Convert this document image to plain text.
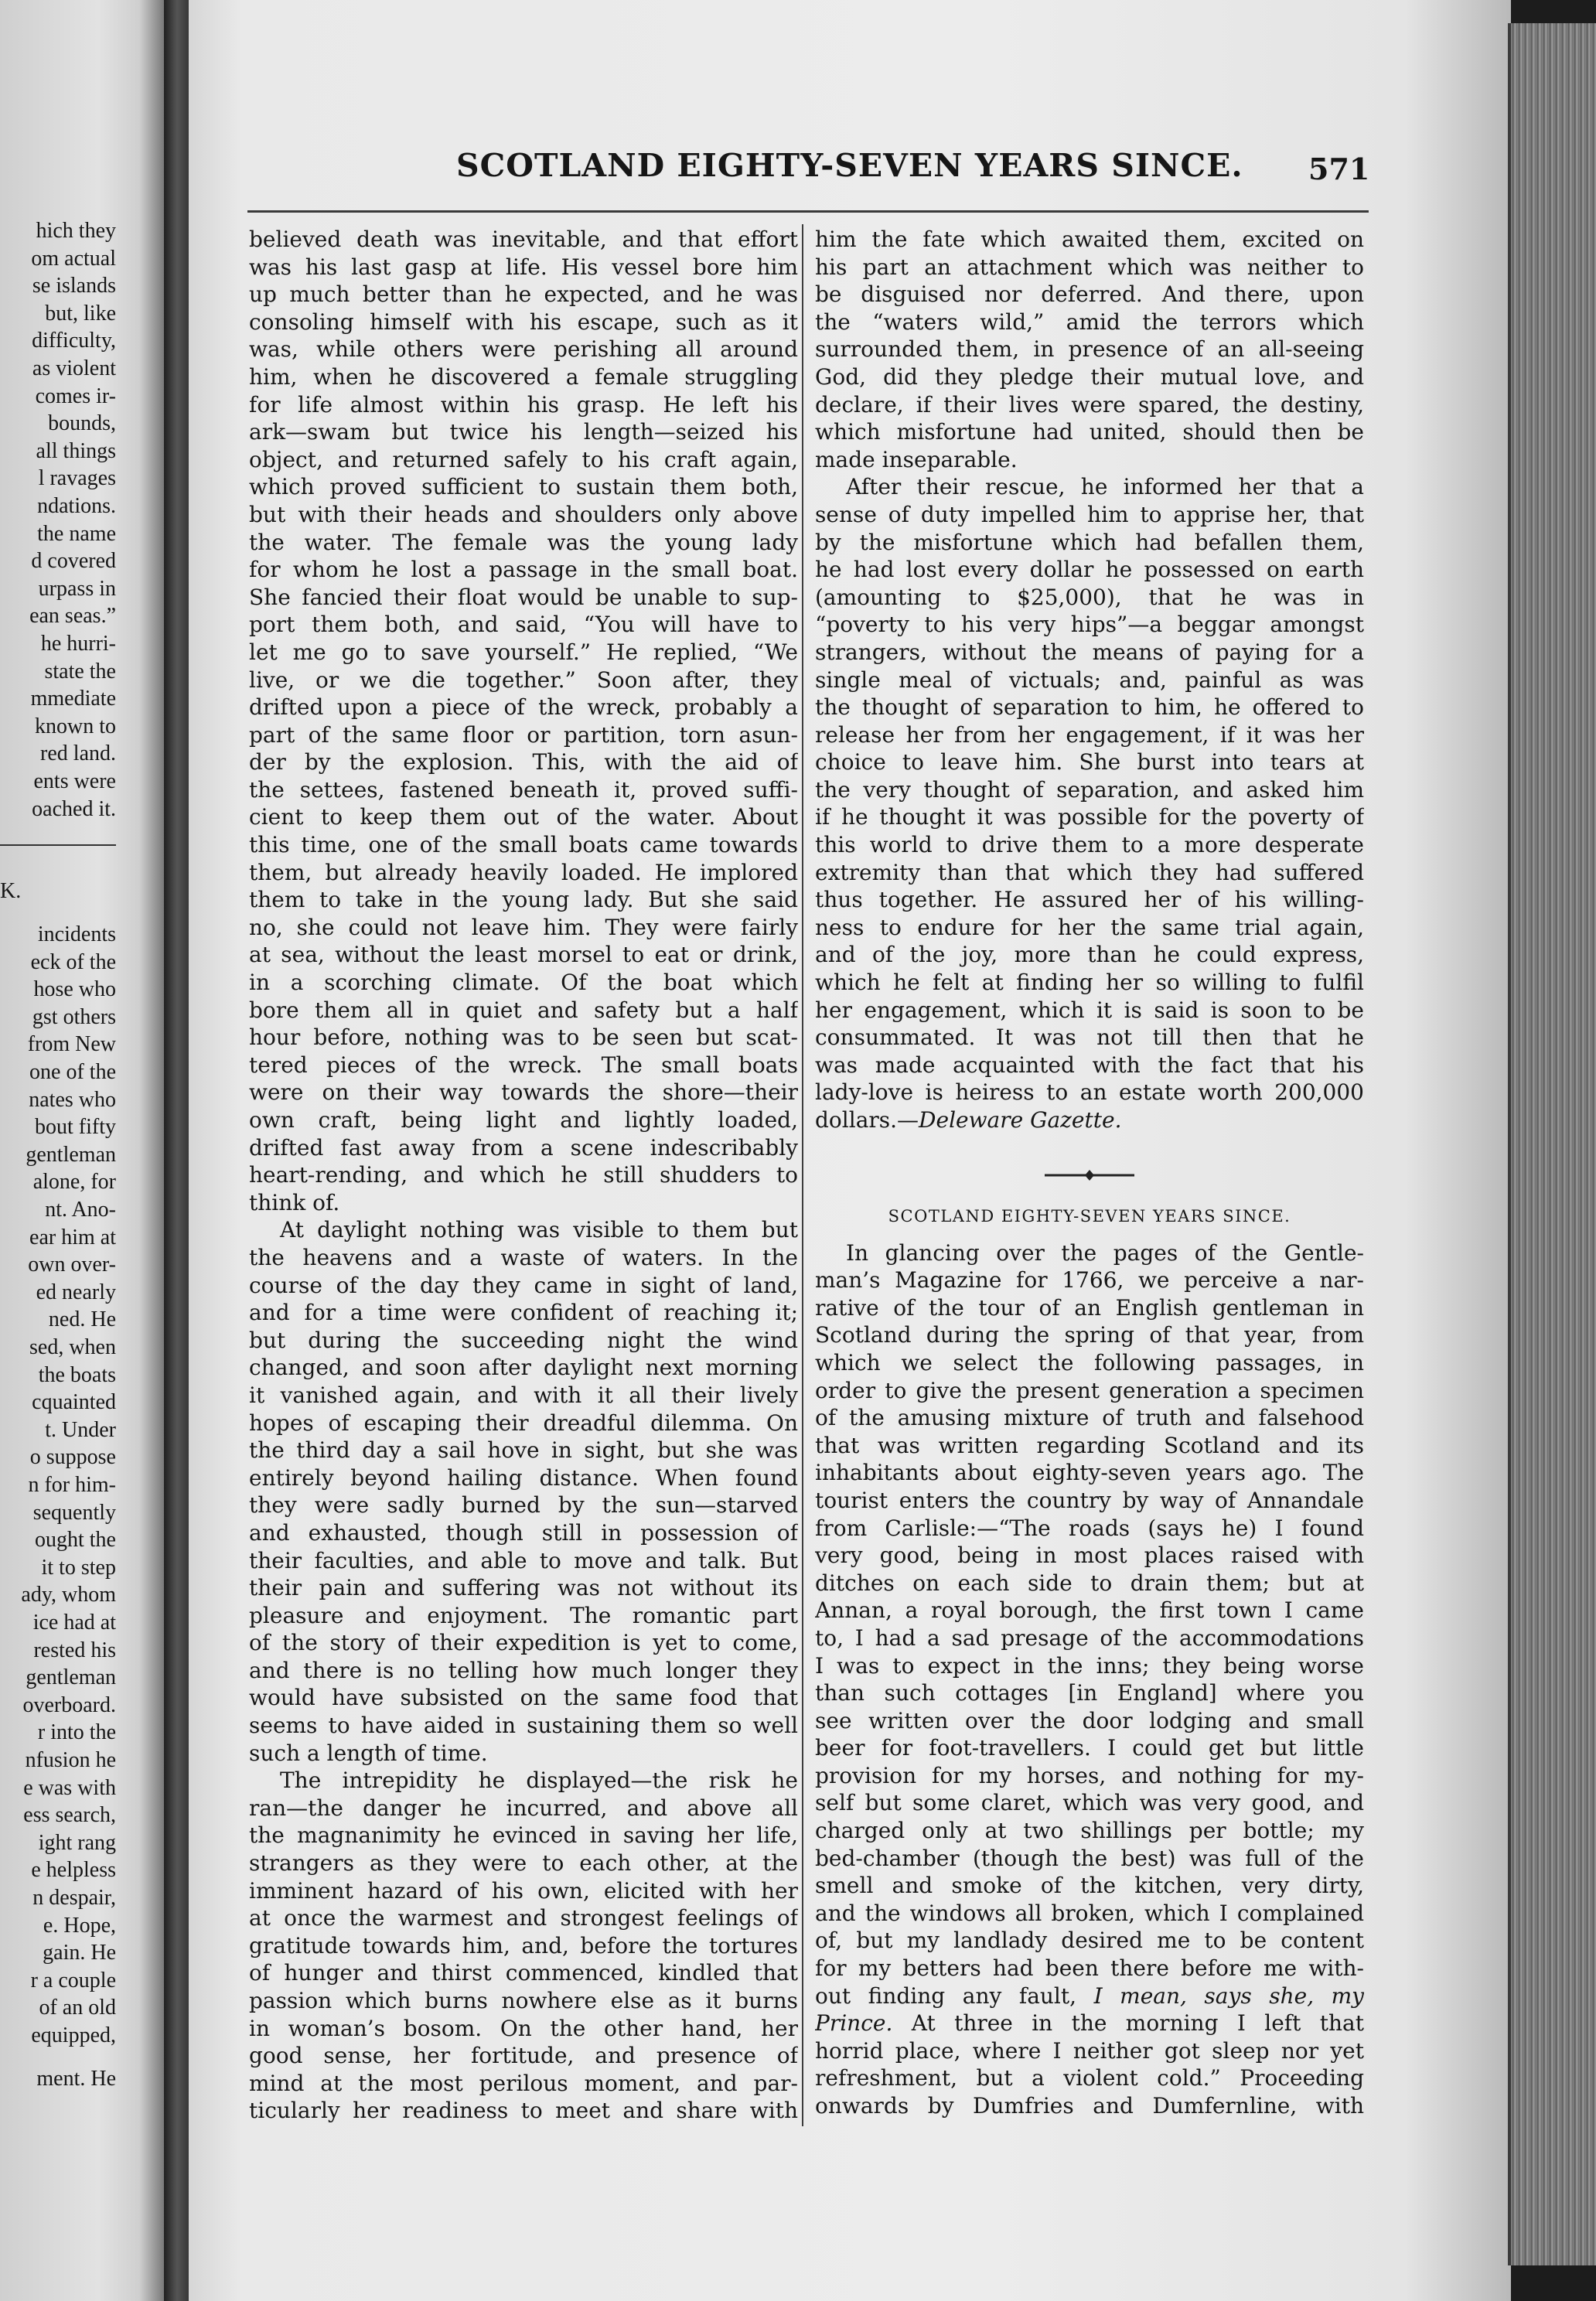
hich they
om actual
se islands
but, like
difficulty,
as violent
comes ir-
bounds,
all things
l ravages
ndations.
the name
d covered
urpass in
ean seas.”
he hurri-
state the
mmediate
known to
red land.
ents were
oached it.
K.
incidents
eck of the
hose who
gst others
from New
one of the
nates who
bout fifty
gentleman
alone, for
nt. Ano-
ear him at
own over-
ed nearly
ned. He
sed, when
the boats
cquainted
t. Under
o suppose
n for him-
sequently
ought the
it to step
ady, whom
ice had at
rested his
gentleman
overboard.
r into the
nfusion he
e was with
ess search,
ight rang
e helpless
n despair,
e. Hope,
gain. He
r a couple
of an old
equipped,
ment. He
SCOTLAND EIGHTY-SEVEN YEARS SINCE. 571
believed death was inevitable, and that effort
was his last gasp at life. His vessel bore him
up much better than he expected, and he was
consoling himself with his escape, such as it
was, while others were perishing all around
him, when he discovered a female struggling
for life almost within his grasp. He left his
ark—swam but twice his length—seized his
object, and returned safely to his craft again,
which proved sufficient to sustain them both,
but with their heads and shoulders only above
the water. The female was the young lady
for whom he lost a passage in the small boat.
She fancied their float would be unable to sup-
port them both, and said, “You will have to
let me go to save yourself.” He replied, “We
live, or we die together.” Soon after, they
drifted upon a piece of the wreck, probably a
part of the same floor or partition, torn asun-
der by the explosion. This, with the aid of
the settees, fastened beneath it, proved suffi-
cient to keep them out of the water. About
this time, one of the small boats came towards
them, but already heavily loaded. He implored
them to take in the young lady. But she said
no, she could not leave him. They were fairly
at sea, without the least morsel to eat or drink,
in a scorching climate. Of the boat which
bore them all in quiet and safety but a half
hour before, nothing was to be seen but scat-
tered pieces of the wreck. The small boats
were on their way towards the shore—their
own craft, being light and lightly loaded,
drifted fast away from a scene indescribably
heart-rending, and which he still shudders to
think of.
At daylight nothing was visible to them but
the heavens and a waste of waters. In the
course of the day they came in sight of land,
and for a time were confident of reaching it;
but during the succeeding night the wind
changed, and soon after daylight next morning
it vanished again, and with it all their lively
hopes of escaping their dreadful dilemma. On
the third day a sail hove in sight, but she was
entirely beyond hailing distance. When found
they were sadly burned by the sun—starved
and exhausted, though still in possession of
their faculties, and able to move and talk. But
their pain and suffering was not without its
pleasure and enjoyment. The romantic part
of the story of their expedition is yet to come,
and there is no telling how much longer they
would have subsisted on the same food that
seems to have aided in sustaining them so well
such a length of time.
The intrepidity he displayed—the risk he
ran—the danger he incurred, and above all
the magnanimity he evinced in saving her life,
strangers as they were to each other, at the
imminent hazard of his own, elicited with her
at once the warmest and strongest feelings of
gratitude towards him, and, before the tortures
of hunger and thirst commenced, kindled that
passion which burns nowhere else as it burns
in woman’s bosom. On the other hand, her
good sense, her fortitude, and presence of
mind at the most perilous moment, and par-
ticularly her readiness to meet and share with
him the fate which awaited them, excited on
his part an attachment which was neither to
be disguised nor deferred. And there, upon
the “waters wild,” amid the terrors which
surrounded them, in presence of an all-seeing
God, did they pledge their mutual love, and
declare, if their lives were spared, the destiny,
which misfortune had united, should then be
made inseparable.
After their rescue, he informed her that a
sense of duty impelled him to apprise her, that
by the misfortune which had befallen them,
he had lost every dollar he possessed on earth
(amounting to $25,000), that he was in
“poverty to his very hips”—a beggar amongst
strangers, without the means of paying for a
single meal of victuals; and, painful as was
the thought of separation to him, he offered to
release her from her engagement, if it was her
choice to leave him. She burst into tears at
the very thought of separation, and asked him
if he thought it was possible for the poverty of
this world to drive them to a more desperate
extremity than that which they had suffered
thus together. He assured her of his willing-
ness to endure for her the same trial again,
and of the joy, more than he could express,
which he felt at finding her so willing to fulfil
her engagement, which it is said is soon to be
consummated. It was not till then that he
was made acquainted with the fact that his
lady-love is heiress to an estate worth 200,000
dollars.—Deleware Gazette.
SCOTLAND EIGHTY-SEVEN YEARS SINCE.
In glancing over the pages of the Gentle-
man’s Magazine for 1766, we perceive a nar-
rative of the tour of an English gentleman in
Scotland during the spring of that year, from
which we select the following passages, in
order to give the present generation a specimen
of the amusing mixture of truth and falsehood
that was written regarding Scotland and its
inhabitants about eighty-seven years ago. The
tourist enters the country by way of Annandale
from Carlisle:—“The roads (says he) I found
very good, being in most places raised with
ditches on each side to drain them; but at
Annan, a royal borough, the first town I came
to, I had a sad presage of the accommodations
I was to expect in the inns; they being worse
than such cottages [in England] where you
see written over the door lodging and small
beer for foot-travellers. I could get but little
provision for my horses, and nothing for my-
self but some claret, which was very good, and
charged only at two shillings per bottle; my
bed-chamber (though the best) was full of the
smell and smoke of the kitchen, very dirty,
and the windows all broken, which I complained
of, but my landlady desired me to be content
for my betters had been there before me with-
out finding any fault, I mean, says she, my
Prince. At three in the morning I left that
horrid place, where I neither got sleep nor yet
refreshment, but a violent cold.” Proceeding
onwards by Dumfries and Dumfernline, with
